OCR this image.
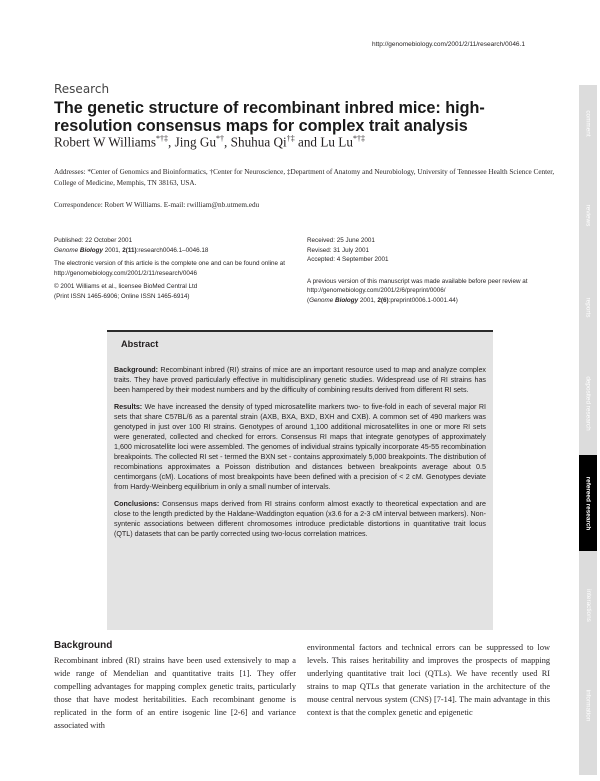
http://genomebiology.com/2001/2/11/research/0046.1
Research
The genetic structure of recombinant inbred mice: high-resolution consensus maps for complex trait analysis
Robert W Williams*†‡, Jing Gu*†, Shuhua Qi†‡ and Lu Lu*†‡
Addresses: *Center of Genomics and Bioinformatics, †Center for Neuroscience, ‡Department of Anatomy and Neurobiology, University of Tennessee Health Science Center, College of Medicine, Memphis, TN 38163, USA.
Correspondence: Robert W Williams. E-mail: rwilliam@nb.utmem.edu

Published: 22 October 2001

Genome Biology 2001, 2(11):research0046.1–0046.18

The electronic version of this article is the complete one and can be found online at http://genomebiology.com/2001/2/11/research/0046

© 2001 Williams et al., licensee BioMed Central Ltd

(Print ISSN 1465-6906; Online ISSN 1465-6914)

Received: 25 June 2001

Revised: 31 July 2001

Accepted: 4 September 2001

A previous version of this manuscript was made available before peer review at http://genomebiology.com/2001/2/6/preprint/0006/

(Genome Biology 2001, 2(6):preprint0006.1-0001.44)

comment
reviews
reports
deposited research
refereed research
interactions
information
Abstract

Background: Recombinant inbred (RI) strains of mice are an important resource used to map and analyze complex traits. They have proved particularly effective in multidisciplinary genetic studies. Widespread use of RI strains has been hampered by their modest numbers and by the difficulty of combining results derived from different RI sets.

Results: We have increased the density of typed microsatellite markers two- to five-fold in each of several major RI sets that share C57BL/6 as a parental strain (AXB, BXA, BXD, BXH and CXB). A common set of 490 markers was genotyped in just over 100 RI strains. Genotypes of around 1,100 additional microsatellites in one or more RI sets were generated, collected and checked for errors. Consensus RI maps that integrate genotypes of approximately 1,600 microsatellite loci were assembled. The genomes of individual strains typically incorporate 45-55 recombination breakpoints. The collected RI set - termed the BXN set - contains approximately 5,000 breakpoints. The distribution of recombinations approximates a Poisson distribution and distances between breakpoints average about 0.5 centimorgans (cM). Locations of most breakpoints have been defined with a precision of < 2 cM. Genotypes deviate from Hardy-Weinberg equilibrium in only a small number of intervals.

Conclusions: Consensus maps derived from RI strains conform almost exactly to theoretical expectation and are close to the length predicted by the Haldane-Waddington equation (x3.6 for a 2-3 cM interval between markers). Non-syntenic associations between different chromosomes introduce predictable distortions in quantitative trait locus (QTL) datasets that can be partly corrected using two-locus correlation matrices.

Background
Recombinant inbred (RI) strains have been used extensively to map a wide range of Mendelian and quantitative traits [1]. They offer compelling advantages for mapping complex genetic traits, particularly those that have modest heritabilities. Each recombinant genome is replicated in the form of an entire isogenic line [2-6] and variance associated with
environmental factors and technical errors can be suppressed to low levels. This raises heritability and improves the prospects of mapping underlying quantitative trait loci (QTLs). We have recently used RI strains to map QTLs that generate variation in the architecture of the mouse central nervous system (CNS) [7-14]. The main advantage in this context is that the complex genetic and epigenetic
